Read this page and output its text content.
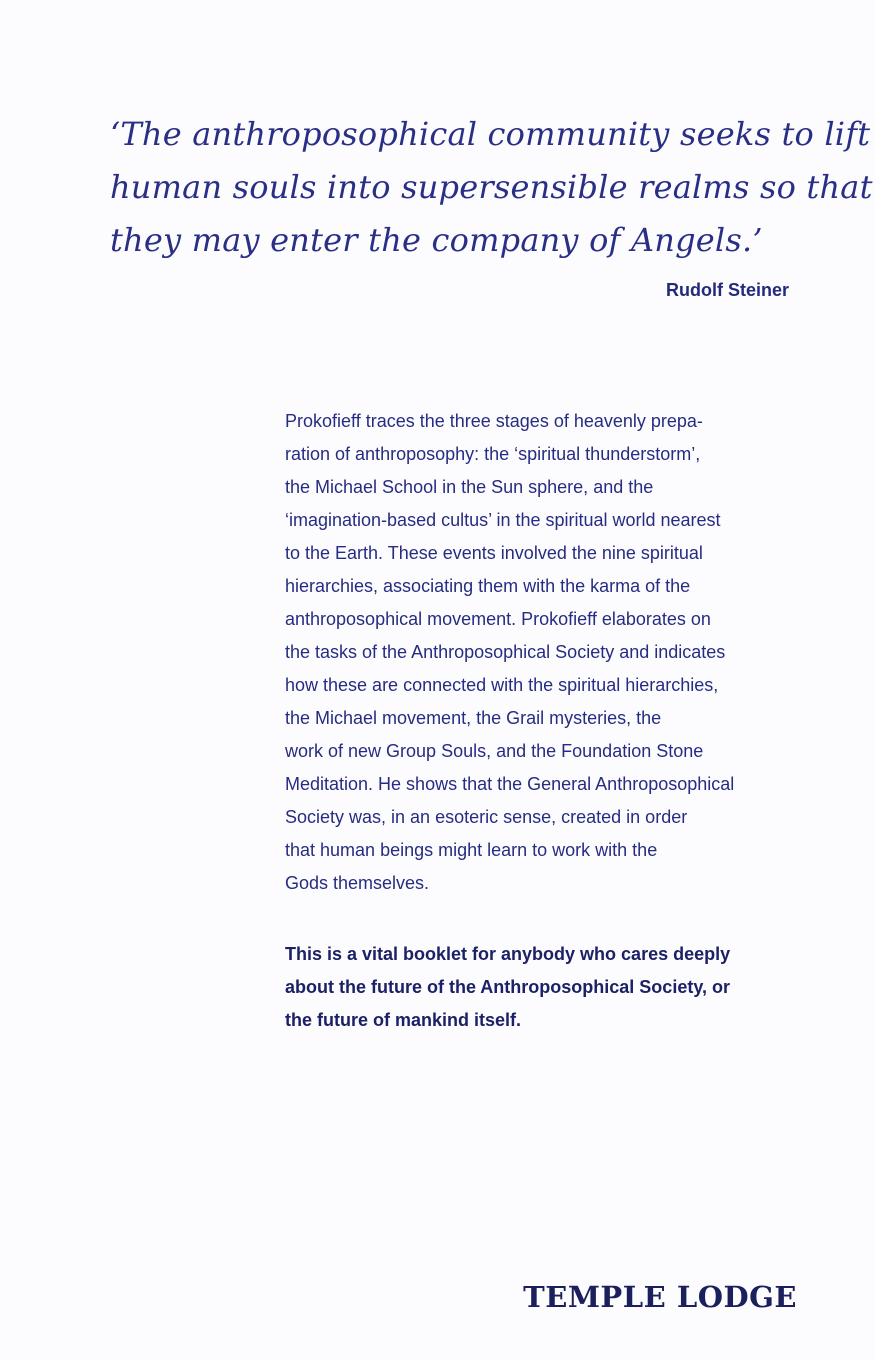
‘The anthroposophical community seeks to lift
human souls into supersensible realms so that
they may enter the company of Angels.’

Rudolf Steiner

Prokofieff traces the three stages of heavenly prepa-
ration of anthroposophy: the ‘spiritual thunderstorm’,
the Michael School in the Sun sphere, and the
‘imagination-based cultus’ in the spiritual world nearest
to the Earth. These events involved the nine spiritual
hierarchies, associating them with the karma of the
anthroposophical movement. Prokofieff elaborates on
the tasks of the Anthroposophical Society and indicates
how these are connected with the spiritual hierarchies,
the Michael movement, the Grail mysteries, the
work of new Group Souls, and the Foundation Stone
Meditation. He shows that the General Anthroposophical
Society was, in an esoteric sense, created in order
that human beings might learn to work with the
Gods themselves.
This is a vital booklet for anybody who cares deeply
about the future of the Anthroposophical Society, or
the future of mankind itself.

TEMPLE LODGE
